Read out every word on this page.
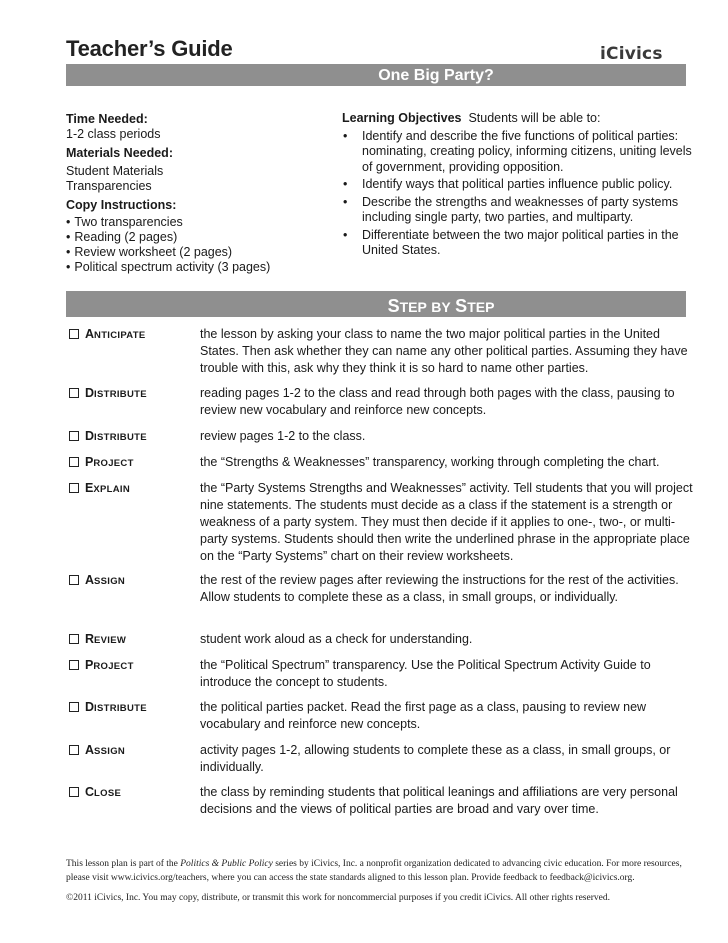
Teacher’s Guide	iCivics
One Big Party?

Time Needed:

1-2 class periods

Materials Needed:

Student Materials

Transparencies

Copy Instructions:

• Two transparencies
• Reading (2 pages)
• Review worksheet (2 pages)
• Political spectrum activity (3 pages)

Learning Objectives Students will be able to:

• Identify and describe the five functions of political parties: nominating, creating policy, informing citizens, uniting levels of government, providing opposition.
• Identify ways that political parties influence public policy.
• Describe the strengths and weaknesses of party systems including single party, two parties, and multiparty.
• Differentiate between the two major political parties in the United States.
STEP BY STEP
ANTICIPATE	the lesson by asking your class to name the two major political parties in the United States. Then ask whether they can name any other political parties. Assuming they have trouble with this, ask why they think it is so hard to name other parties.
DISTRIBUTE	reading pages 1-2 to the class and read through both pages with the class, pausing to review new vocabulary and reinforce new concepts.
DISTRIBUTE	review pages 1-2 to the class.
PROJECT	the “Strengths & Weaknesses” transparency, working through completing the chart.
EXPLAIN	the “Party Systems Strengths and Weaknesses” activity. Tell students that you will project nine statements. The students must decide as a class if the statement is a strength or weakness of a party system. They must then decide if it applies to one-, two-, or multi-party systems. Students should then write the underlined phrase in the appropriate place on the “Party Systems” chart on their review worksheets.
ASSIGN	the rest of the review pages after reviewing the instructions for the rest of the activities. Allow students to complete these as a class, in small groups, or individually.
REVIEW	student work aloud as a check for understanding.
PROJECT	the “Political Spectrum” transparency. Use the Political Spectrum Activity Guide to introduce the concept to students.
DISTRIBUTE	the political parties packet. Read the first page as a class, pausing to review new vocabulary and reinforce new concepts.
ASSIGN	activity pages 1-2, allowing students to complete these as a class, in small groups, or individually.
CLOSE	the class by reminding students that political leanings and affiliations are very personal decisions and the views of political parties are broad and vary over time.

This lesson plan is part of the Politics & Public Policy series by iCivics, Inc. a nonprofit organization dedicated to advancing civic education. For more resources, please visit www.icivics.org/teachers, where you can access the state standards aligned to this lesson plan. Provide feedback to feedback@icivics.org.

©2011 iCivics, Inc. You may copy, distribute, or transmit this work for noncommercial purposes if you credit iCivics. All other rights reserved.
